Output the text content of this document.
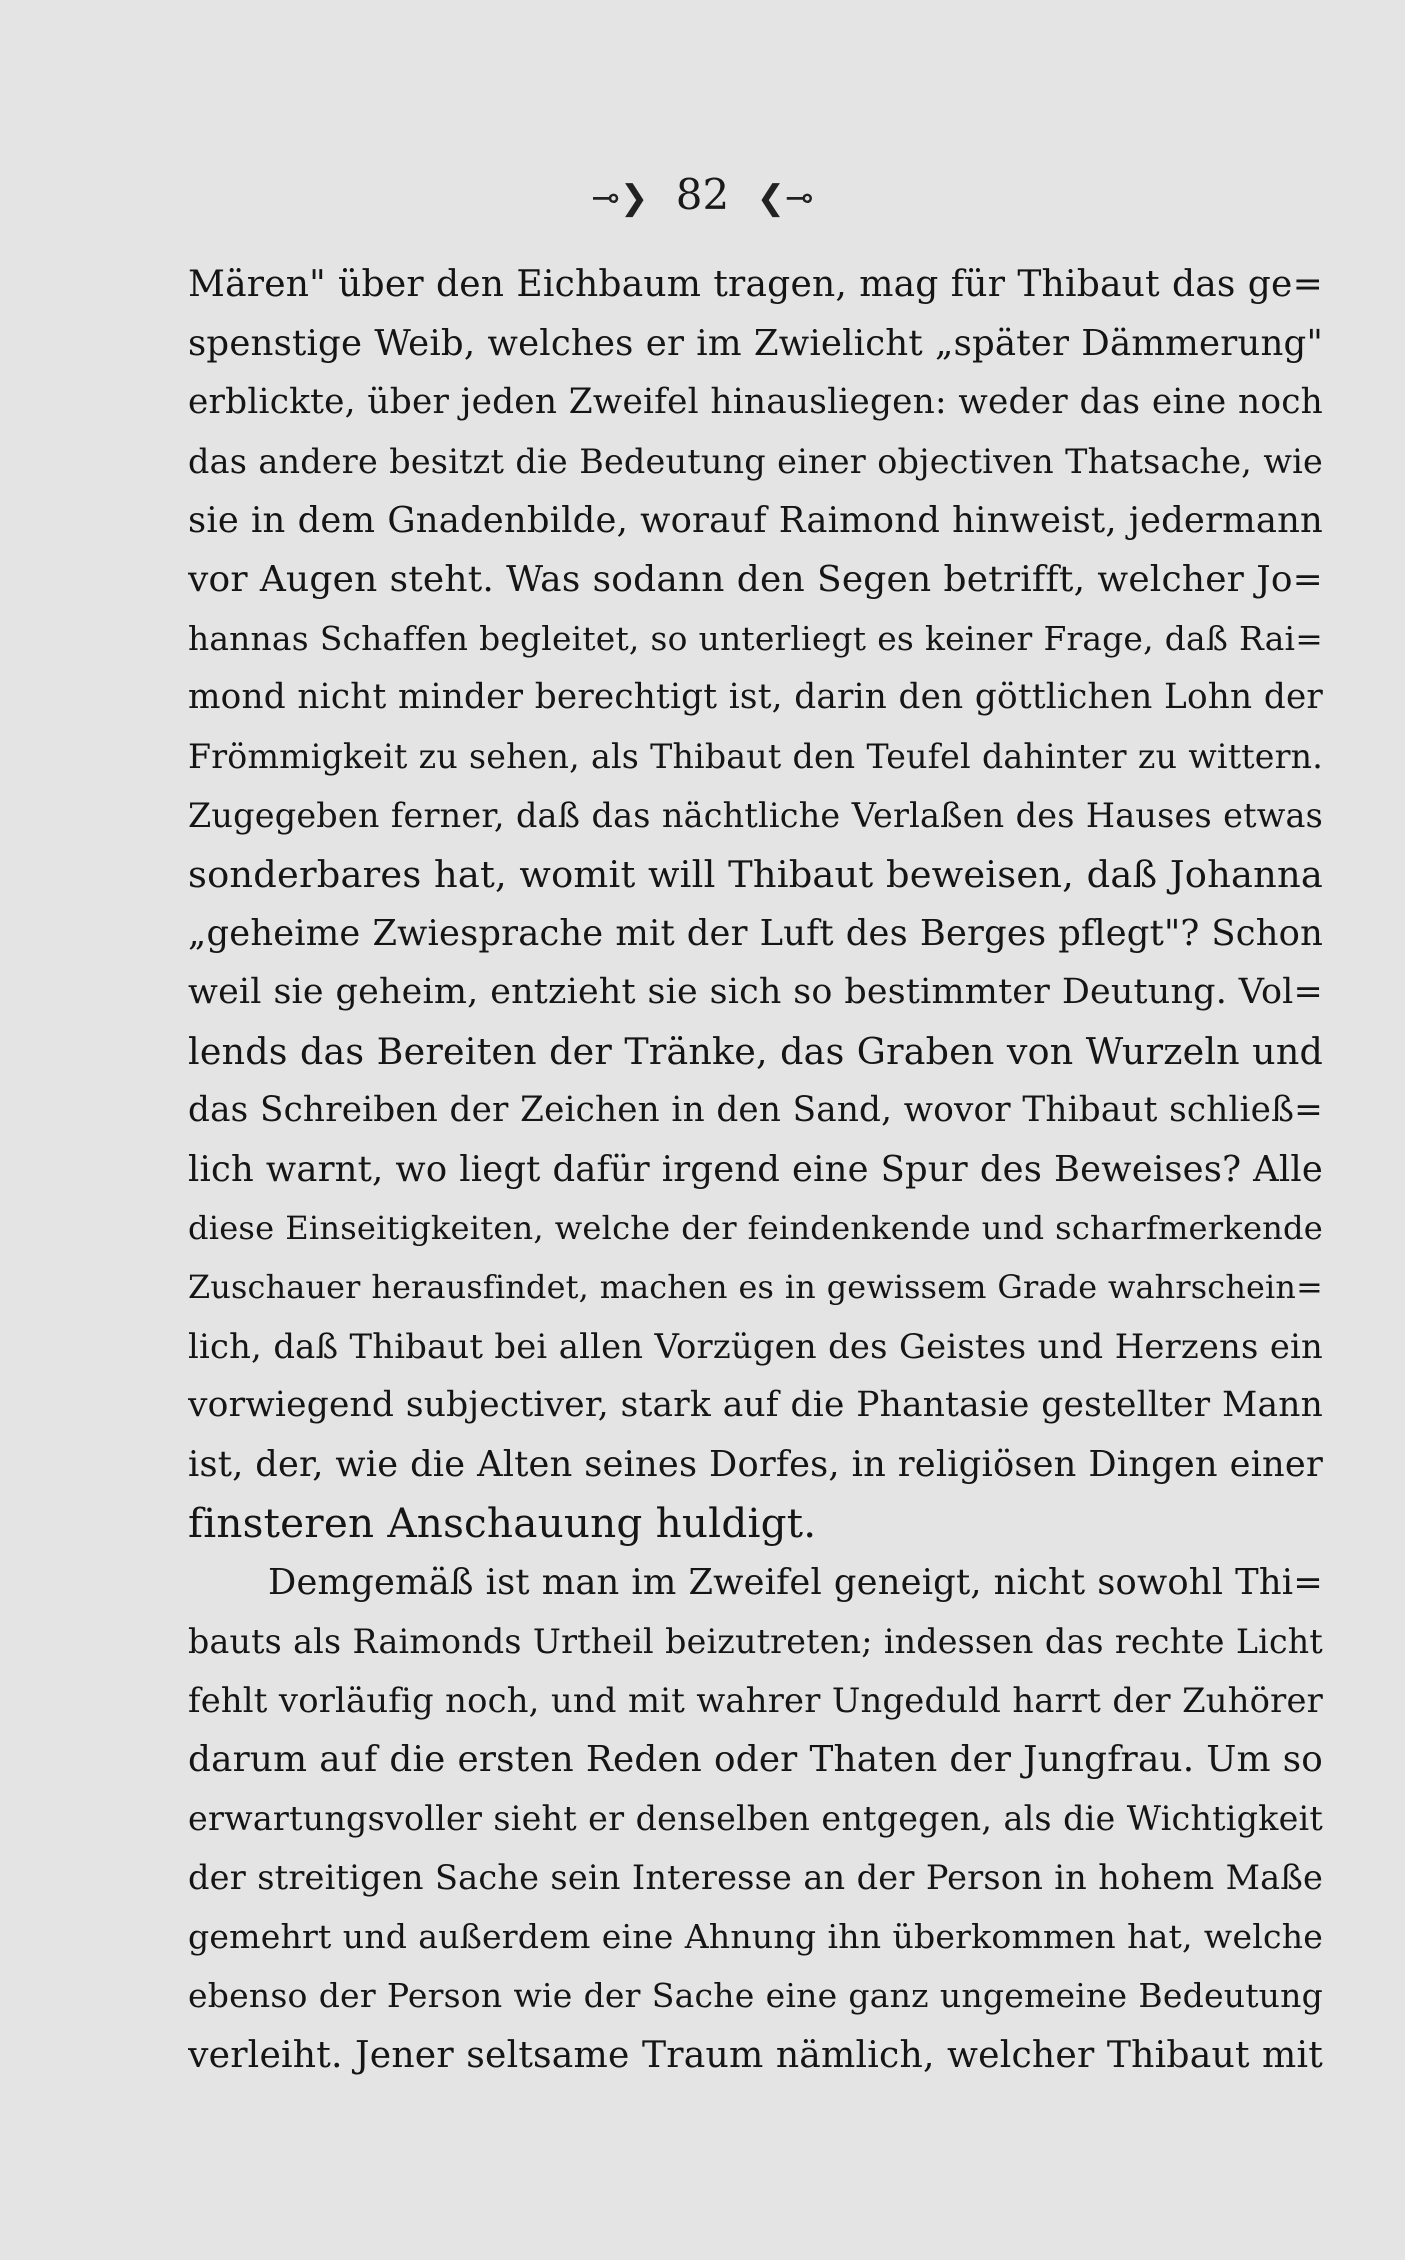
⊸❯ 82 ❮⊸
Mären" über den Eichbaum tragen, mag für Thibaut das ge=
spenstige Weib, welches er im Zwielicht „später Dämmerung"
erblickte, über jeden Zweifel hinausliegen: weder das eine noch
das andere besitzt die Bedeutung einer objectiven Thatsache, wie
sie in dem Gnadenbilde, worauf Raimond hinweist, jedermann
vor Augen steht. Was sodann den Segen betrifft, welcher Jo=
hannas Schaffen begleitet, so unterliegt es keiner Frage, daß Rai=
mond nicht minder berechtigt ist, darin den göttlichen Lohn der
Frömmigkeit zu sehen, als Thibaut den Teufel dahinter zu wittern.
Zugegeben ferner, daß das nächtliche Verlaßen des Hauses etwas
sonderbares hat, womit will Thibaut beweisen, daß Johanna
„geheime Zwiesprache mit der Luft des Berges pflegt"? Schon
weil sie geheim, entzieht sie sich so bestimmter Deutung. Vol=
lends das Bereiten der Tränke, das Graben von Wurzeln und
das Schreiben der Zeichen in den Sand, wovor Thibaut schließ=
lich warnt, wo liegt dafür irgend eine Spur des Beweises? Alle
diese Einseitigkeiten, welche der feindenkende und scharfmerkende
Zuschauer herausfindet, machen es in gewissem Grade wahrschein=
lich, daß Thibaut bei allen Vorzügen des Geistes und Herzens ein
vorwiegend subjectiver, stark auf die Phantasie gestellter Mann
ist, der, wie die Alten seines Dorfes, in religiösen Dingen einer
finsteren Anschauung huldigt.
Demgemäß ist man im Zweifel geneigt, nicht sowohl Thi=
bauts als Raimonds Urtheil beizutreten; indessen das rechte Licht
fehlt vorläufig noch, und mit wahrer Ungeduld harrt der Zuhörer
darum auf die ersten Reden oder Thaten der Jungfrau. Um so
erwartungsvoller sieht er denselben entgegen, als die Wichtigkeit
der streitigen Sache sein Interesse an der Person in hohem Maße
gemehrt und außerdem eine Ahnung ihn überkommen hat, welche
ebenso der Person wie der Sache eine ganz ungemeine Bedeutung
verleiht. Jener seltsame Traum nämlich, welcher Thibaut mit
